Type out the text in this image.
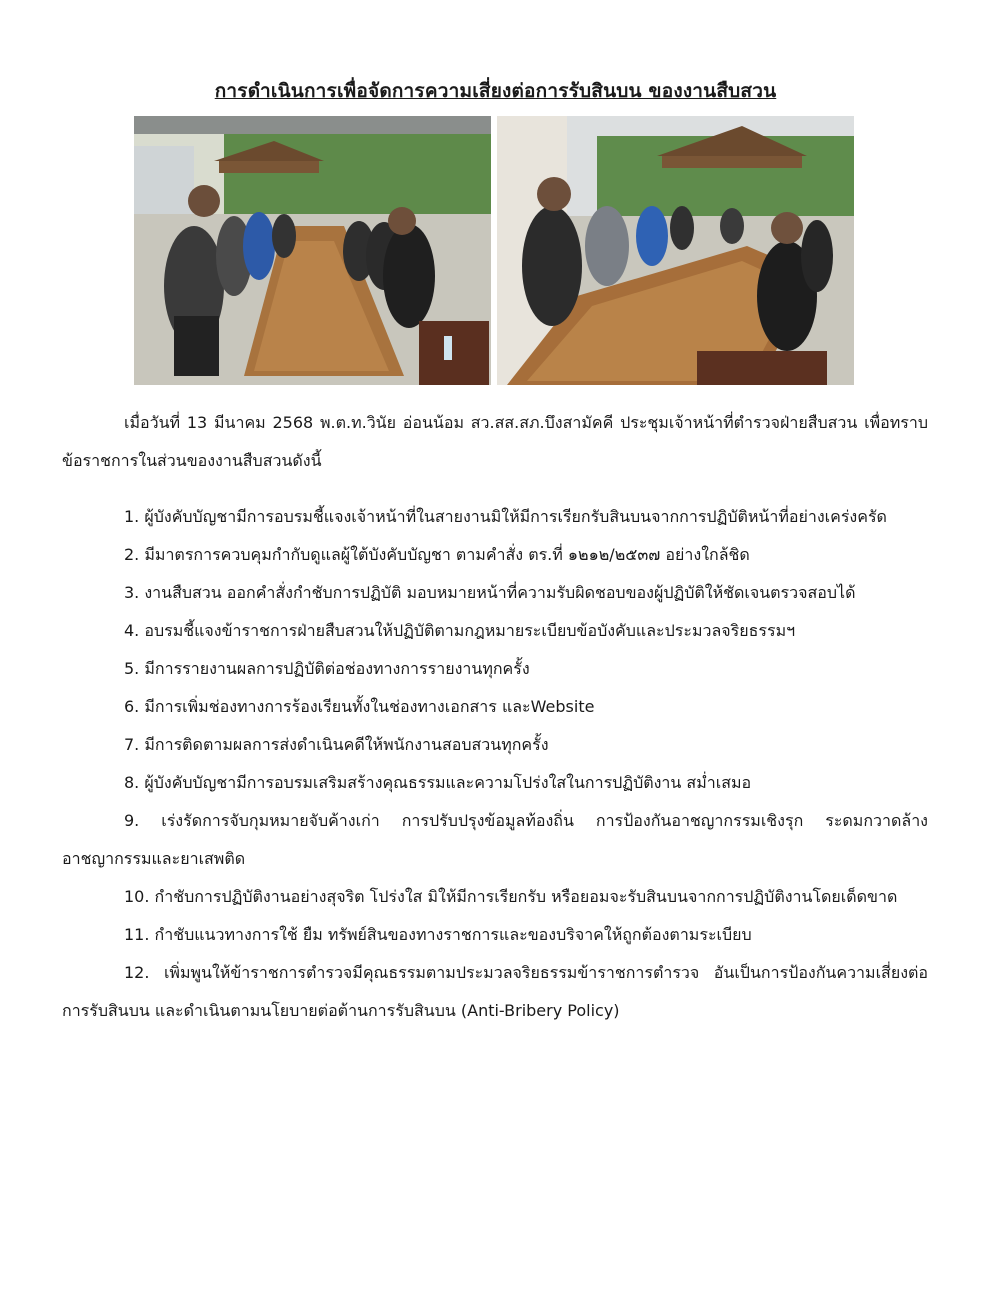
การดำเนินการเพื่อจัดการความเสี่ยงต่อการรับสินบน ของงานสืบสวน

เมื่อวันที่ 13 มีนาคม 2568 พ.ต.ท.วินัย อ่อนน้อม สว.สส.สภ.บึงสามัคคี ประชุมเจ้าหน้าที่ตำรวจฝ่ายสืบสวน เพื่อทราบข้อราชการในส่วนของงานสืบสวนดังนี้

1. ผู้บังคับบัญชามีการอบรมชี้แจงเจ้าหน้าที่ในสายงานมิให้มีการเรียกรับสินบนจากการปฏิบัติหน้าที่อย่างเคร่งครัด

2. มีมาตรการควบคุมกำกับดูแลผู้ใต้บังคับบัญชา ตามคำสั่ง ตร.ที่ ๑๒๑๒/๒๕๓๗ อย่างใกล้ชิด

3. งานสืบสวน ออกคำสั่งกำชับการปฏิบัติ มอบหมายหน้าที่ความรับผิดชอบของผู้ปฏิบัติให้ชัดเจนตรวจสอบได้

4. อบรมชี้แจงข้าราชการฝ่ายสืบสวนให้ปฏิบัติตามกฎหมายระเบียบข้อบังคับและประมวลจริยธรรมฯ

5. มีการรายงานผลการปฏิบัติต่อช่องทางการรายงานทุกครั้ง

6. มีการเพิ่มช่องทางการร้องเรียนทั้งในช่องทางเอกสาร และWebsite

7. มีการติดตามผลการส่งดำเนินคดีให้พนักงานสอบสวนทุกครั้ง

8. ผู้บังคับบัญชามีการอบรมเสริมสร้างคุณธรรมและความโปร่งใสในการปฏิบัติงาน สม่ำเสมอ

9. เร่งรัดการจับกุมหมายจับค้างเก่า การปรับปรุงข้อมูลท้องถิ่น การป้องกันอาชญากรรมเชิงรุก ระดมกวาดล้างอาชญากรรมและยาเสพติด

10. กำชับการปฏิบัติงานอย่างสุจริต โปร่งใส มิให้มีการเรียกรับ หรือยอมจะรับสินบนจากการปฏิบัติงานโดยเด็ดขาด

11. กำชับแนวทางการใช้ ยืม ทรัพย์สินของทางราชการและของบริจาคให้ถูกต้องตามระเบียบ

12. เพิ่มพูนให้ข้าราชการตำรวจมีคุณธรรมตามประมวลจริยธรรมข้าราชการตำรวจ อันเป็นการป้องกันความเสี่ยงต่อการรับสินบน และดำเนินตามนโยบายต่อต้านการรับสินบน (Anti-Bribery Policy)
